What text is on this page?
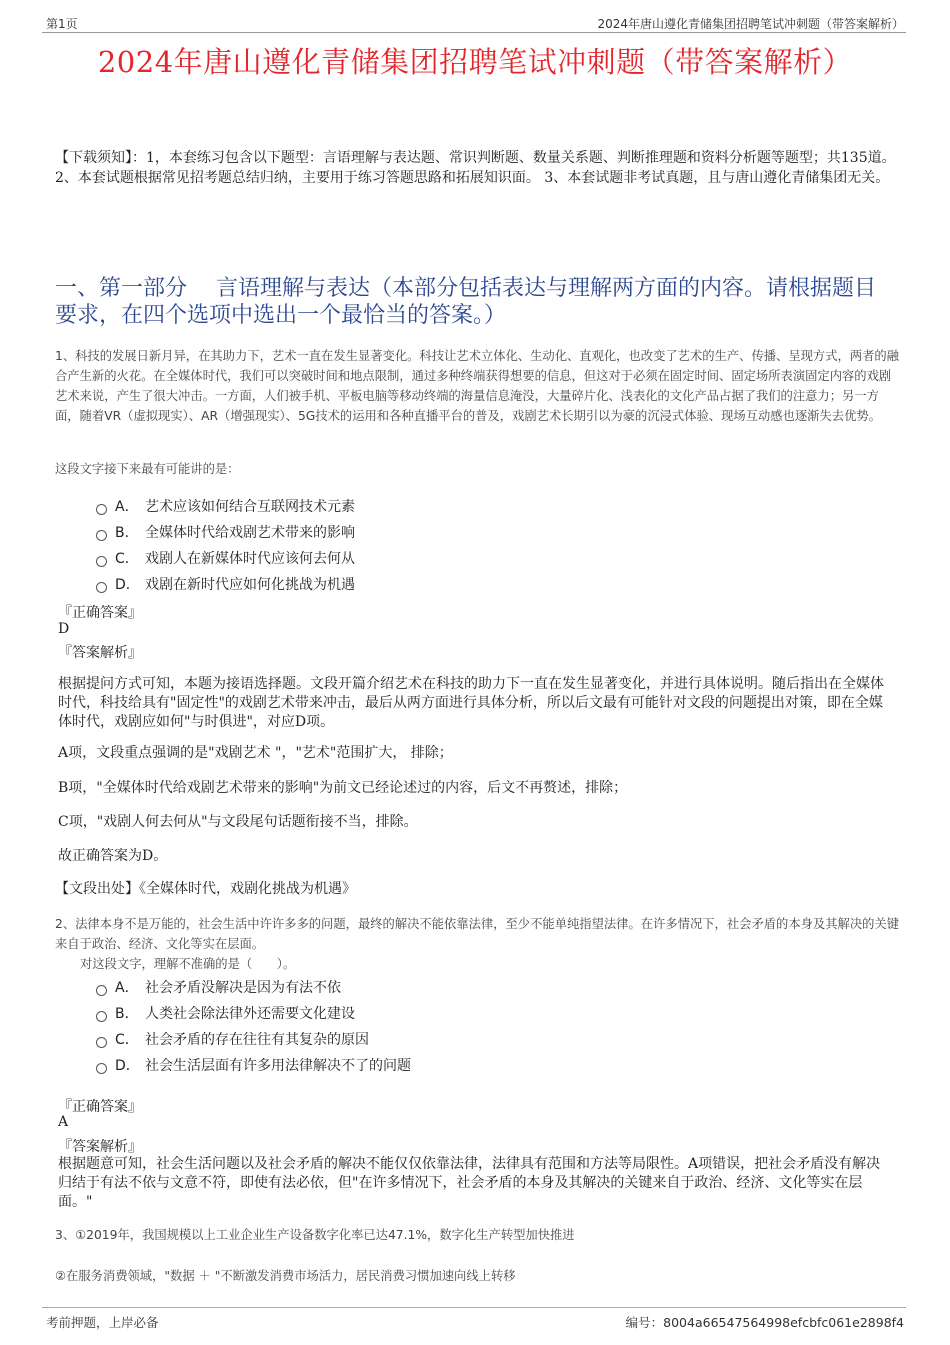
第1页	2024年唐山遵化青储集团招聘笔试冲刺题（带答案解析）
2024年唐山遵化青储集团招聘笔试冲刺题（带答案解析）
【下载须知】：1，本套练习包含以下题型：言语理解与表达题、常识判断题、数量关系题、判断推理题和资料分析题等题型；共135道。 2、本套试题根据常见招考题总结归纳，主要用于练习答题思路和拓展知识面。 3、本套试题非考试真题，且与唐山遵化青储集团无关。
一、第一部分　 言语理解与表达（本部分包括表达与理解两方面的内容。请根据题目要求，在四个选项中选出一个最恰当的答案。）
1、科技的发展日新月异，在其助力下，艺术一直在发生显著变化。科技让艺术立体化、生动化、直观化，也改变了艺术的生产、传播、呈现方式，两者的融合产生新的火花。在全媒体时代，我们可以突破时间和地点限制，通过多种终端获得想要的信息，但这对于必须在固定时间、固定场所表演固定内容的戏剧艺术来说，产生了很大冲击。一方面，人们被手机、平板电脑等移动终端的海量信息淹没，大量碎片化、浅表化的文化产品占据了我们的注意力；另一方面，随着VR（虚拟现实）、AR（增强现实）、5G技术的运用和各种直播平台的普及，戏剧艺术长期引以为豪的沉浸式体验、现场互动感也逐渐失去优势。
这段文字接下来最有可能讲的是：
A． 艺术应该如何结合互联网技术元素
B． 全媒体时代给戏剧艺术带来的影响
C． 戏剧人在新媒体时代应该何去何从
D． 戏剧在新时代应如何化挑战为机遇
『正确答案』
D
『答案解析』
根据提问方式可知，本题为接语选择题。文段开篇介绍艺术在科技的助力下一直在发生显著变化，并进行具体说明。随后指出在全媒体时代，科技给具有"固定性"的戏剧艺术带来冲击，最后从两方面进行具体分析，所以后文最有可能针对文段的问题提出对策，即在全媒体时代，戏剧应如何"与时俱进"，对应D项。
A项，文段重点强调的是"戏剧艺术 "，"艺术"范围扩大， 排除；
B项，"全媒体时代给戏剧艺术带来的影响"为前文已经论述过的内容，后文不再赘述，排除；
C项，"戏剧人何去何从"与文段尾句话题衔接不当，排除。
故正确答案为D。
【文段出处】《全媒体时代，戏剧化挑战为机遇》
2、法律本身不是万能的，社会生活中许许多多的问题，最终的解决不能依靠法律，至少不能单纯指望法律。在许多情况下，社会矛盾的本身及其解决的关键来自于政治、经济、文化等实在层面。
对这段文字，理解不准确的是（　　）。
A． 社会矛盾没解决是因为有法不依
B． 人类社会除法律外还需要文化建设
C． 社会矛盾的存在往往有其复杂的原因
D． 社会生活层面有许多用法律解决不了的问题
『正确答案』
A
『答案解析』
根据题意可知，社会生活问题以及社会矛盾的解决不能仅仅依靠法律，法律具有范围和方法等局限性。A项错误，把社会矛盾没有解决归结于有法不依与文意不符，即使有法必依，但"在许多情况下，社会矛盾的本身及其解决的关键来自于政治、经济、文化等实在层面。"
3、①2019年，我国规模以上工业企业生产设备数字化率已达47.1%，数字化生产转型加快推进
②在服务消费领域，"数据 ＋ "不断激发消费市场活力，居民消费习惯加速向线上转移
考前押题，上岸必备	编号：8004a66547564998efcbfc061e2898f4
